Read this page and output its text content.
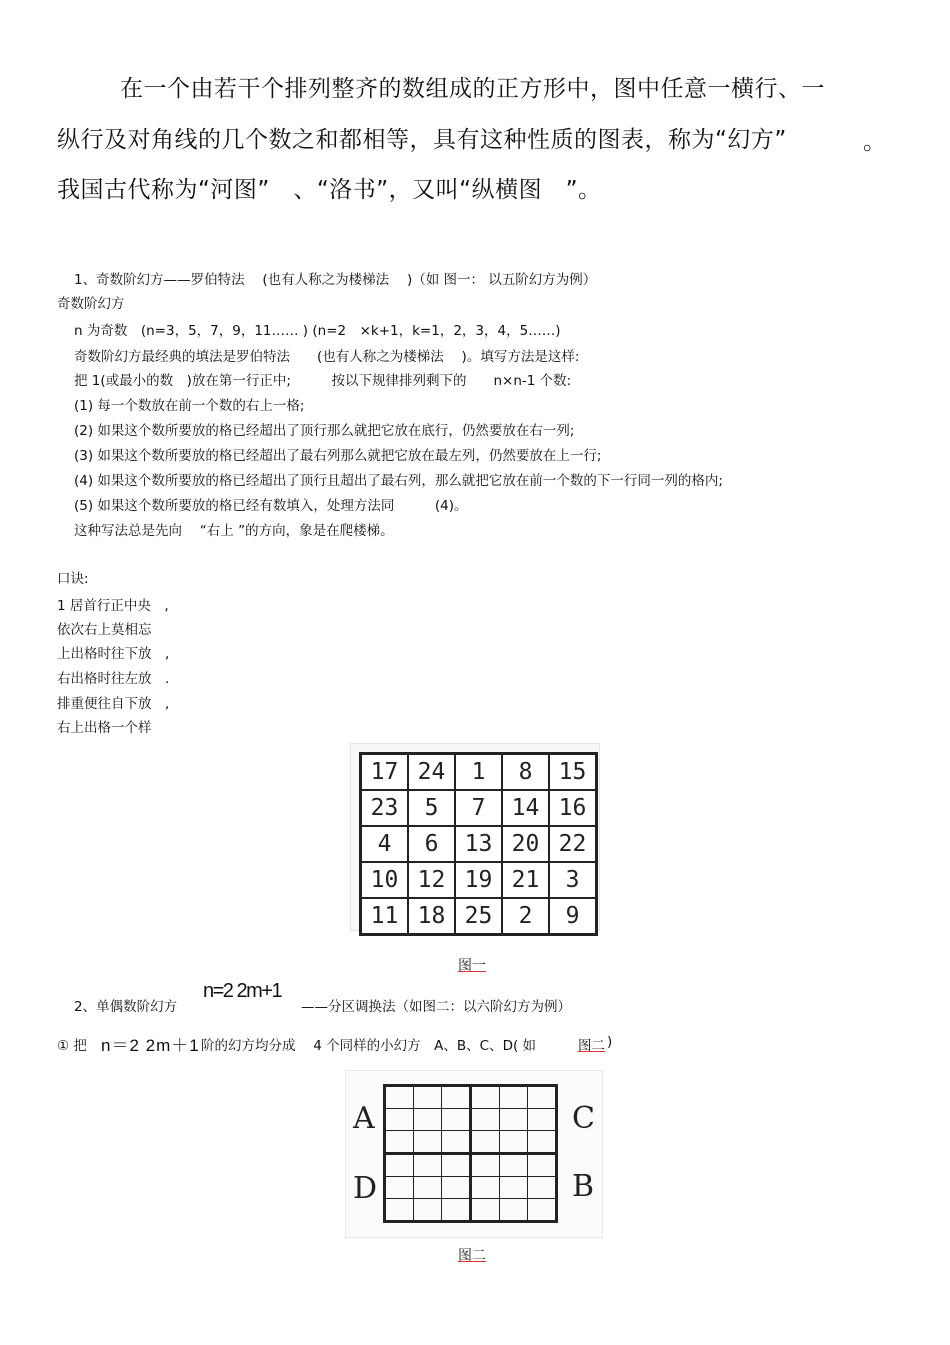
在一个由若干个排列整齐的数组成的正方形中，图中任意一横行、一
纵行及对角线的几个数之和都相等，具有这种性质的图表，称为“幻方”	。
我国古代称为“河图”　、“洛书”，又叫“纵横图　”。
1、奇数阶幻方——罗伯特法　 (也有人称之为楼梯法　 )（如 图一： 以五阶幻方为例）
奇数阶幻方
n 为奇数　(n=3，5，7，9，11…… ) (n=2　×k+1，k=1，2，3，4，5……)
奇数阶幻方最经典的填法是罗伯特法　　(也有人称之为楼梯法　 )。填写方法是这样:
把 1(或最小的数　)放在第一行正中;　　　按以下规律排列剩下的　　n×n-1 个数:
(1) 每一个数放在前一个数的右上一格;
(2) 如果这个数所要放的格已经超出了顶行那么就把它放在底行，仍然要放在右一列;
(3) 如果这个数所要放的格已经超出了最右列那么就把它放在最左列，仍然要放在上一行;
(4) 如果这个数所要放的格已经超出了顶行且超出了最右列，那么就把它放在前一个数的下一行同一列的格内;
(5) 如果这个数所要放的格已经有数填入，处理方法同　　　(4)。
这种写法总是先向　 “右上 ”的方向，象是在爬楼梯。
口诀:
1 居首行正中央　,
依次右上莫相忘
上出格时往下放　,
右出格时往左放　.
排重便往自下放　,
右上出格一个样
17	24	1	8	15
23	5	7	14	16
4	6	13	20	22
10	12	19	21	3
11	18	25	2	9
图一
2、单偶数阶幻方
n=2 2m+1
——分区调换法（如图二：以六阶幻方为例）
① 把 n＝2 2m＋1 阶的幻方均分成　 4 个同样的小幻方　A、B、C、D( 如	图二 )
A	C
D	B

图二
